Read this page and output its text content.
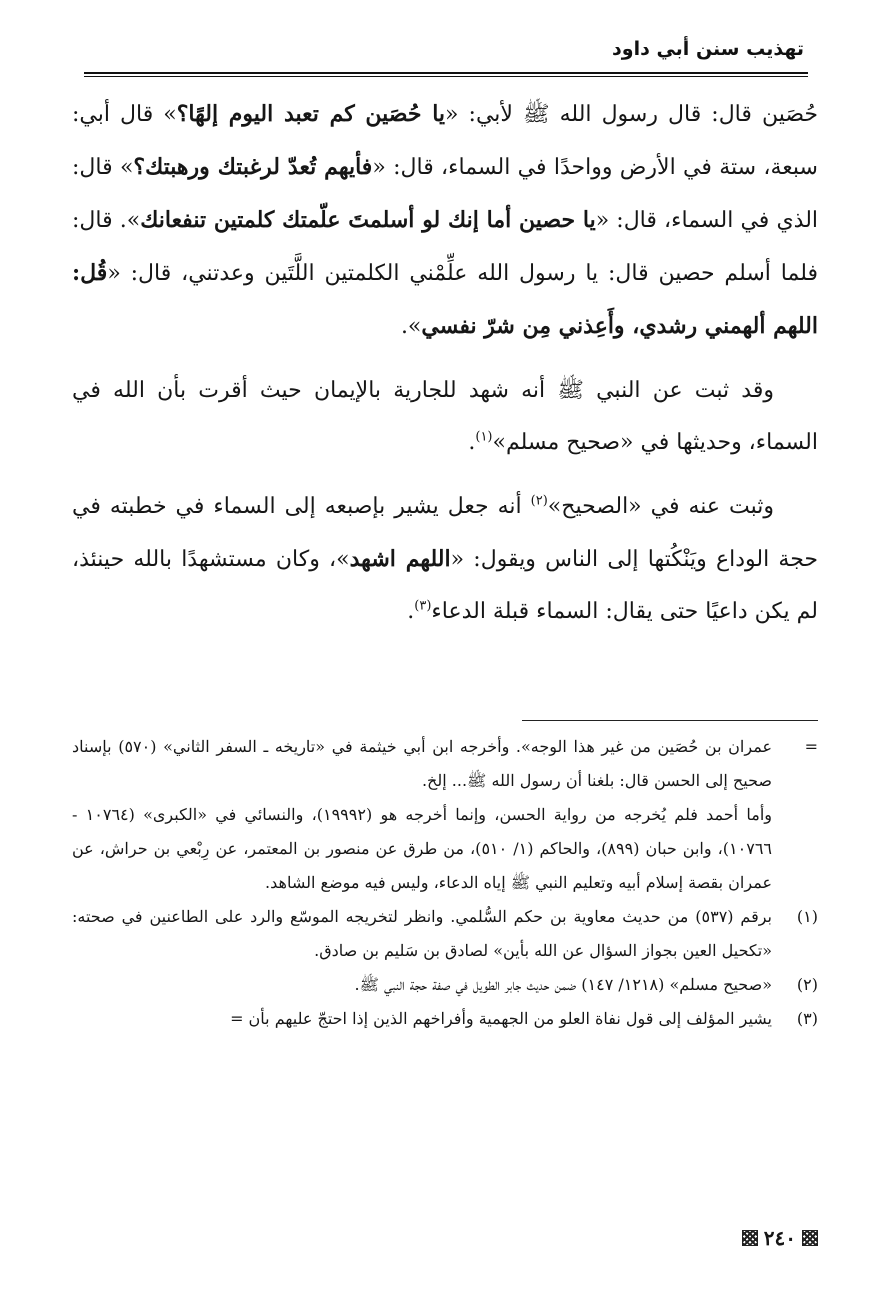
تهذيب سنن أبي داود

حُصَين قال: قال رسول الله ﷺ لأبي: «يا حُصَين كم تعبد اليوم إلهًا؟» قال أبي: سبعة، ستة في الأرض وواحدًا في السماء، قال: «فأيهم تُعدّ لرغبتك ورهبتك؟» قال: الذي في السماء، قال: «يا حصين أما إنك لو أسلمتَ علّمتك كلمتين تنفعانك». قال: فلما أسلم حصين قال: يا رسول الله علِّمْني الكلمتين اللَّتَين وعدتني، قال: «قُل: اللهم ألهمني رشدي، وأَعِذني مِن شرّ نفسي».

وقد ثبت عن النبي ﷺ أنه شهد للجارية بالإيمان حيث أقرت بأن الله في السماء، وحديثها في «صحيح مسلم»$^{(١)}$.

وثبت عنه في «الصحيح»$^{(٢)}$ أنه جعل يشير بإصبعه إلى السماء في خطبته في حجة الوداع ويَنْكُتها إلى الناس ويقول: «اللهم اشهد»، وكان مستشهدًا بالله حينئذ، لم يكن داعيًا حتى يقال: السماء قبلة الدعاء$^{(٣)}$.

=
عمران بن حُصَين من غير هذا الوجه». وأخرجه ابن أبي خيثمة في «تاريخه ـ السفر الثاني» (٥٧٠) بإسناد صحيح إلى الحسن قال: بلغنا أن رسول الله ﷺ... إلخ.
وأما أحمد فلم يُخرجه من رواية الحسن، وإنما أخرجه هو (١٩٩٩٢)، والنسائي في «الكبرى» (١٠٧٦٤ - ١٠٧٦٦)، وابن حبان (٨٩٩)، والحاكم (١/ ٥١٠)، من طرق عن منصور بن المعتمر، عن رِبْعي بن حراش، عن عمران بقصة إسلام أبيه وتعليم النبي ﷺ إياه الدعاء، وليس فيه موضع الشاهد.
(١)
برقم (٥٣٧) من حديث معاوية بن حكم السُّلمي. وانظر لتخريجه الموسّع والرد على الطاعنين في صحته: «تكحيل العين بجواز السؤال عن الله بأين» لصادق بن سَليم بن صادق.
(٢)
«صحيح مسلم» (١٢١٨/ ١٤٧) ضمن حديث جابر الطويل في صفة حجة النبي ﷺ.
(٣)
يشير المؤلف إلى قول نفاة العلو من الجهمية وأفراخهم الذين إذا احتجّ عليهم بأن =
٢٤٠
